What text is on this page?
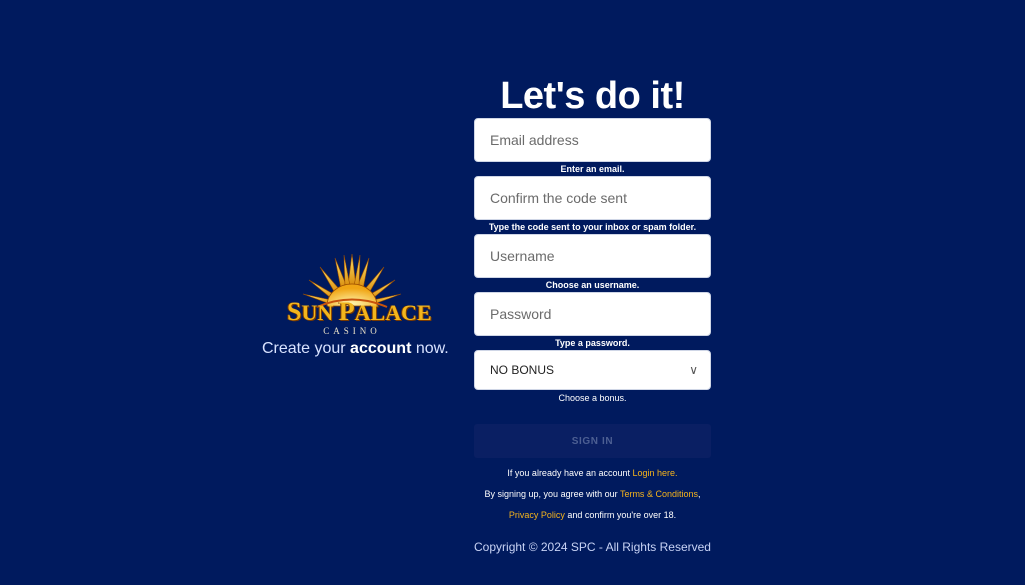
SUN PALACE
CASINO
Create your account now.
Let's do it!
Email address
Enter an email.
Confirm the code sent
Type the code sent to your inbox or spam folder.
Username
Choose an username.
Type a password.
NO BONUS	∨
Choose a bonus.
SIGN IN
If you already have an account Login here.
By signing up, you agree with our Terms & Conditions,
Privacy Policy and confirm you're over 18.
Copyright © 2024 SPC - All Rights Reserved
